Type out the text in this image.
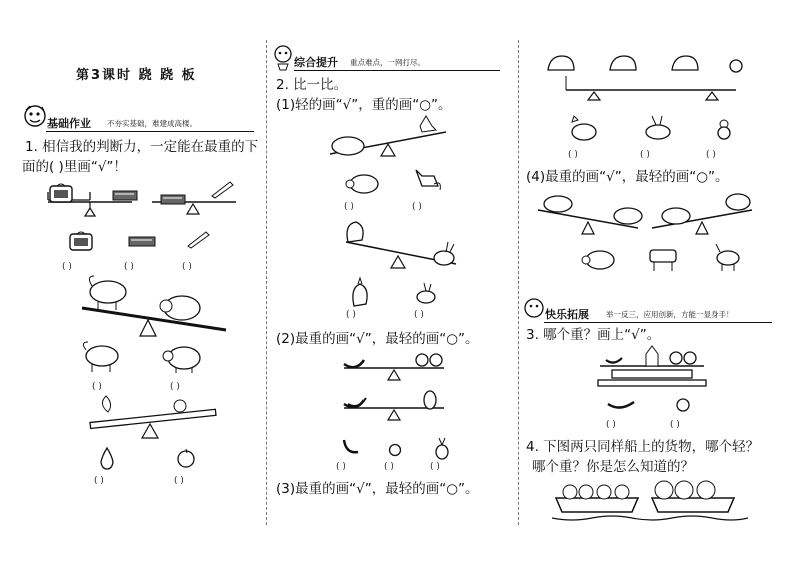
第3课时 跷 跷 板
基础作业 不夯实基础，难建成高楼。
1. 相信我的判断力，一定能在最重的下
面的( )里画“√”！
( )	( )	( )
( )	( )
( )	( )
综合提升 重点难点，一网打尽。
2. 比一比。
(1)轻的画“√”，重的画“○”。
( )	( )
( )	( )
(2)最重的画“√”，最轻的画“○”。
( )	( )	( )
(3)最重的画“√”，最轻的画“○”。
( )	( )	( )
(4)最重的画“√”，最轻的画“○”。
快乐拓展 举一反三，应用创新，方能一显身手！
3. 哪个重？画上“√”。
( )	( )
4. 下图两只同样船上的货物，哪个轻？
哪个重？你是怎么知道的？
